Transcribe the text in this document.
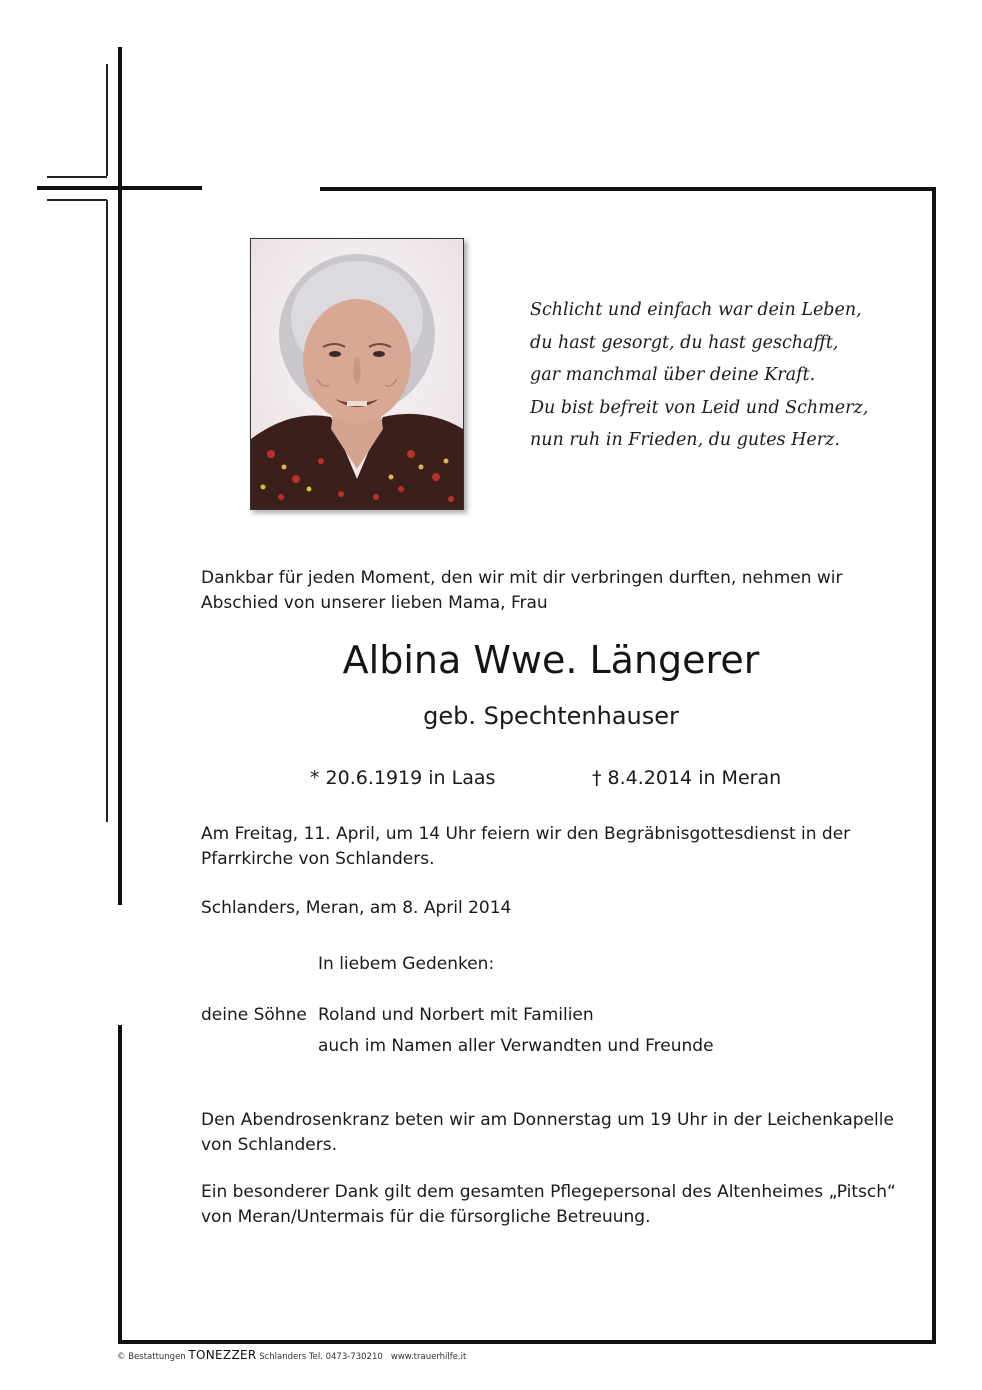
Schlicht und einfach war dein Leben,
du hast gesorgt, du hast geschafft,
gar manchmal über deine Kraft.
Du bist befreit von Leid und Schmerz,
nun ruh in Frieden, du gutes Herz.
Dankbar für jeden Moment, den wir mit dir verbringen durften, nehmen wir Abschied von unserer lieben Mama, Frau
Albina Wwe. Längerer
geb. Spechtenhauser
* 20.6.1919 in Laas	† 8.4.2014 in Meran
Am Freitag, 11. April, um 14 Uhr feiern wir den Begräbnisgottesdienst in der Pfarrkirche von Schlanders.
Schlanders, Meran, am 8. April 2014
In liebem Gedenken:
deine Söhne Roland und Norbert mit Familien
auch im Namen aller Verwandten und Freunde
Den Abendrosenkranz beten wir am Donnerstag um 19 Uhr in der Leichenkapelle von Schlanders.
Ein besonderer Dank gilt dem gesamten Pflegepersonal des Altenheimes „Pitsch“ von Meran/Untermais für die fürsorgliche Betreuung.
© Bestattungen TONEZZER Schlanders Tel. 0473-730210 www.trauerhilfe.it
